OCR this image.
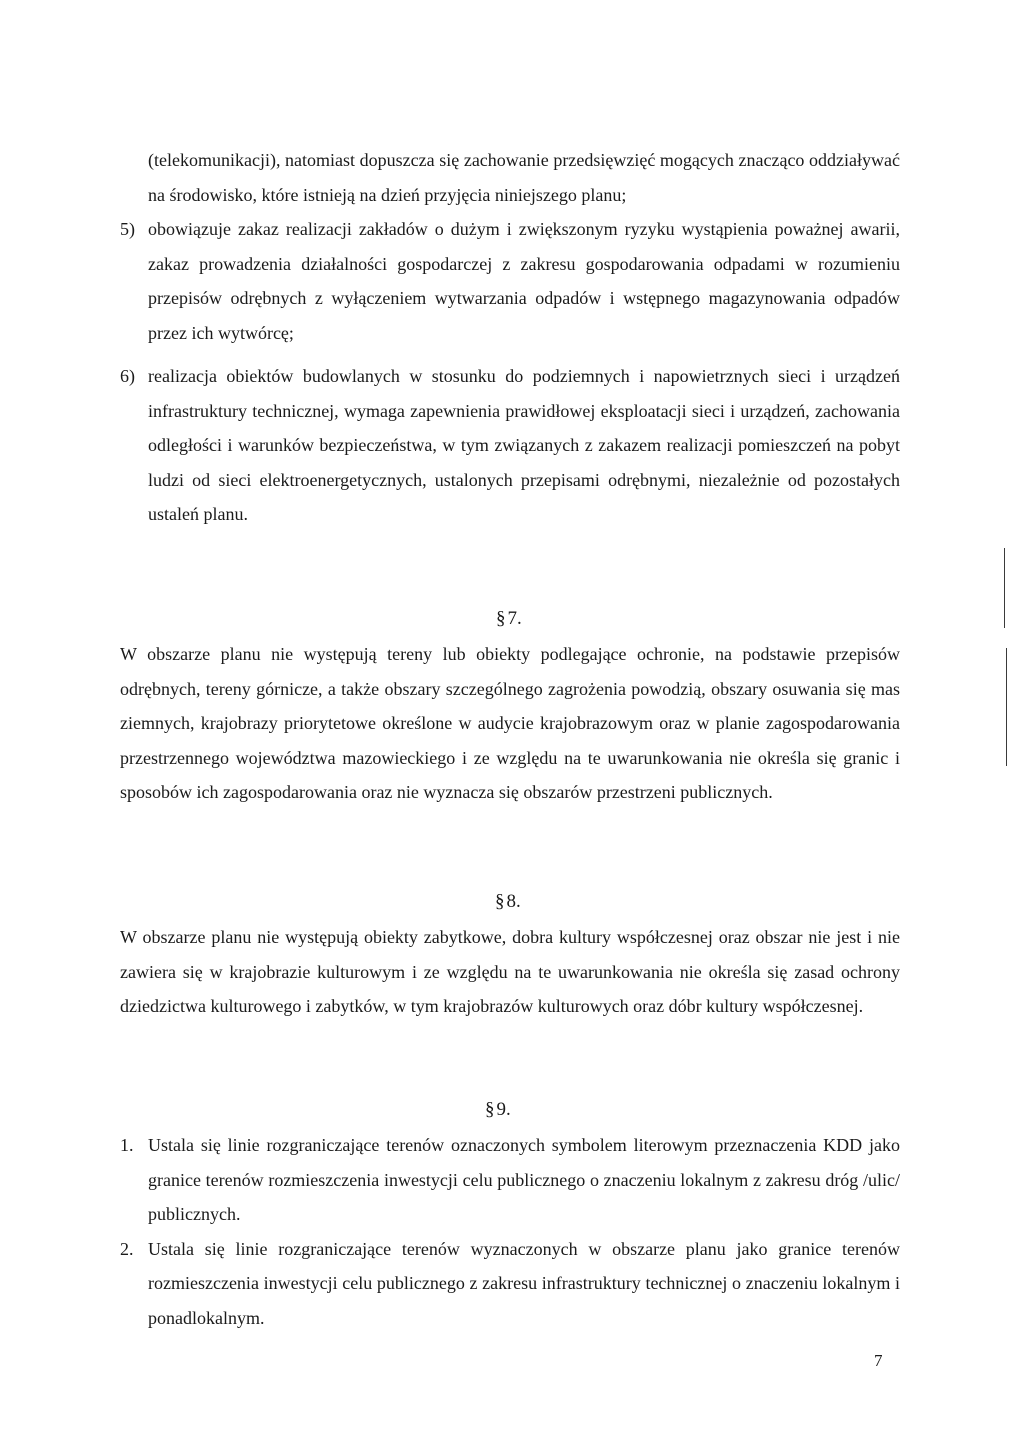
(telekomunikacji), natomiast dopuszcza się zachowanie przedsięwzięć mogących znacząco oddziaływać na środowisko, które istnieją na dzień przyjęcia niniejszego planu;
5) obowiązuje zakaz realizacji zakładów o dużym i zwiększonym ryzyku wystąpienia poważnej awarii, zakaz prowadzenia działalności gospodarczej z zakresu gospodarowania odpadami w rozumieniu przepisów odrębnych z wyłączeniem wytwarzania odpadów i wstępnego magazynowania odpadów przez ich wytwórcę;
6) realizacja obiektów budowlanych w stosunku do podziemnych i napowietrznych sieci i urządzeń infrastruktury technicznej, wymaga zapewnienia prawidłowej eksploatacji sieci i urządzeń, zachowania odległości i warunków bezpieczeństwa, w tym związanych z zakazem realizacji pomieszczeń na pobyt ludzi od sieci elektroenergetycznych, ustalonych przepisami odrębnymi, niezależnie od pozostałych ustaleń planu.
§ 7.
W obszarze planu nie występują tereny lub obiekty podlegające ochronie, na podstawie przepisów odrębnych, tereny górnicze, a także obszary szczególnego zagrożenia powodzią, obszary osuwania się mas ziemnych, krajobrazy priorytetowe określone w audycie krajobrazowym oraz w planie zagospodarowania przestrzennego województwa mazowieckiego i ze względu na te uwarunkowania nie określa się granic i sposobów ich zagospodarowania oraz nie wyznacza się obszarów przestrzeni publicznych.
§ 8.
W obszarze planu nie występują obiekty zabytkowe, dobra kultury współczesnej oraz obszar nie jest i nie zawiera się w krajobrazie kulturowym i ze względu na te uwarunkowania nie określa się zasad ochrony dziedzictwa kulturowego i zabytków, w tym krajobrazów kulturowych oraz dóbr kultury współczesnej.
§ 9.
1. Ustala się linie rozgraniczające terenów oznaczonych symbolem literowym przeznaczenia KDD jako granice terenów rozmieszczenia inwestycji celu publicznego o znaczeniu lokalnym z zakresu dróg /ulic/ publicznych.
2. Ustala się linie rozgraniczające terenów wyznaczonych w obszarze planu jako granice terenów rozmieszczenia inwestycji celu publicznego z zakresu infrastruktury technicznej o znaczeniu lokalnym i ponadlokalnym.
7
